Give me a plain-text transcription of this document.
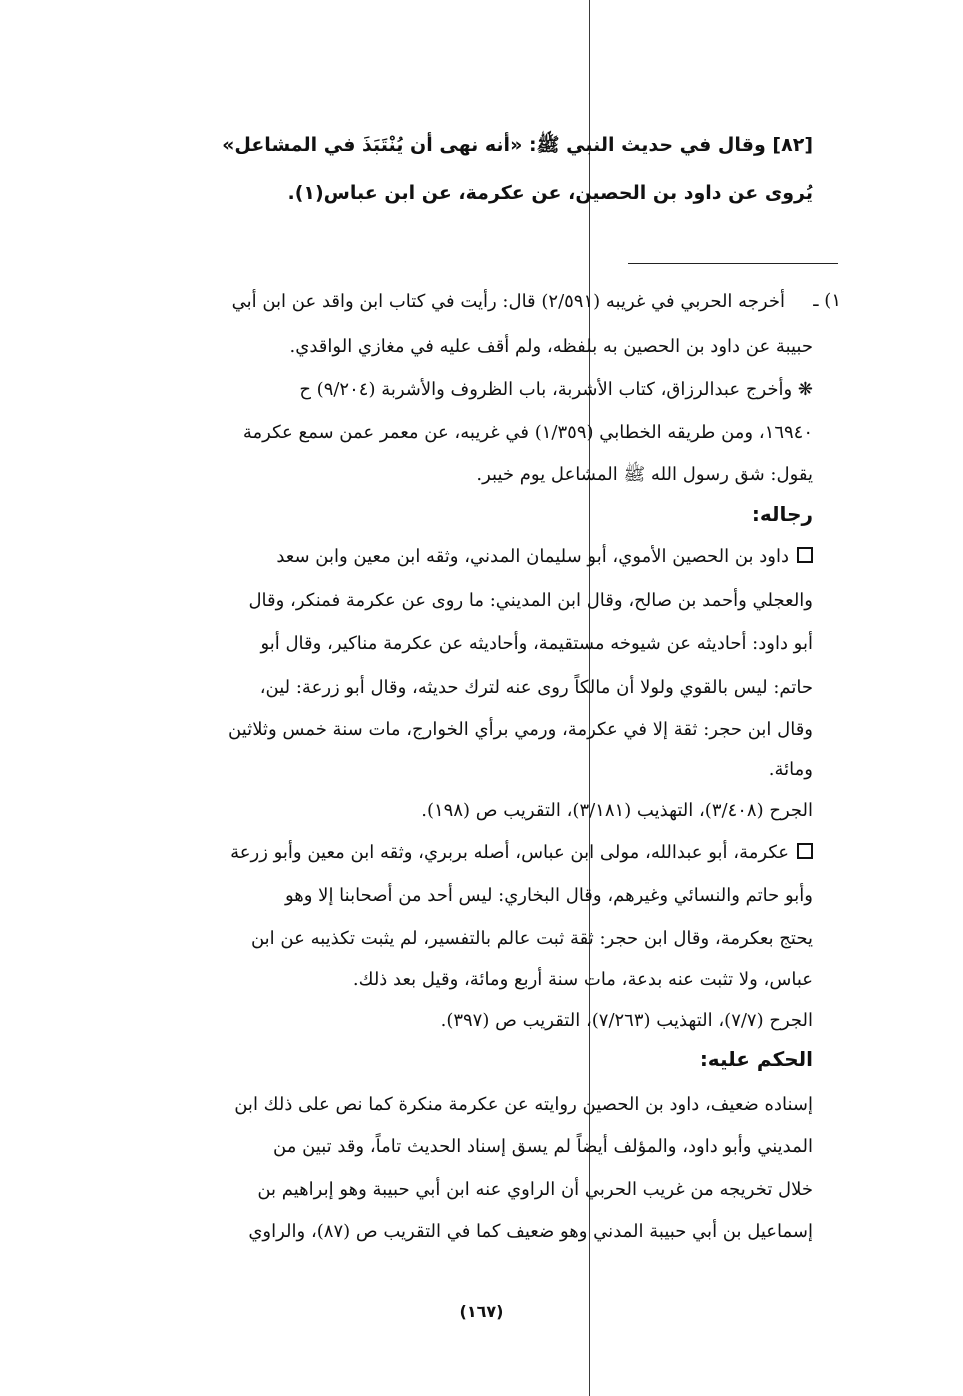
[٨٢] وقال في حديث النبي ﷺ: «أنه نهى أن يُنْتَبَذَ في المشاعل»
يُروى عن داود بن الحصين، عن عكرمة، عن ابن عباس(١).
١) ـ
أخرجه الحربي في غريبه (٢/٥٩١) قال: رأيت في كتاب ابن واقد عن ابن أبي
حبيبة عن داود بن الحصين به بلفظه، ولم أقف عليه في مغازي الواقدي.
❋ وأخرج عبدالرزاق، كتاب الأشربة، باب الظروف والأشربة (٩/٢٠٤) ح
١٦٩٤٠، ومن طريقه الخطابي (١/٣٥٩) في غريبه، عن معمر عمن سمع عكرمة
يقول: شق رسول الله ﷺ المشاعل يوم خيبر.
رجاله:
داود بن الحصين الأموي، أبو سليمان المدني، وثقه ابن معين وابن سعد
والعجلي وأحمد بن صالح، وقال ابن المديني: ما روى عن عكرمة فمنكر، وقال
أبو داود: أحاديثه عن شيوخه مستقيمة، وأحاديثه عن عكرمة مناكير، وقال أبو
حاتم: ليس بالقوي ولولا أن مالكاً روى عنه لترك حديثه، وقال أبو زرعة: لين،
وقال ابن حجر: ثقة إلا في عكرمة، ورمي برأي الخوارج، مات سنة خمس وثلاثين
ومائة.
الجرح (٣/٤٠٨)، التهذيب (٣/١٨١)، التقريب ص (١٩٨).
عكرمة، أبو عبدالله، مولى ابن عباس، أصله بربري، وثقه ابن معين وأبو زرعة
وأبو حاتم والنسائي وغيرهم، وقال البخاري: ليس أحد من أصحابنا إلا وهو
يحتج بعكرمة، وقال ابن حجر: ثقة ثبت عالم بالتفسير، لم يثبت تكذيبه عن ابن
عباس، ولا تثبت عنه بدعة، مات سنة أربع ومائة، وقيل بعد ذلك.
الجرح (٧/٧)، التهذيب (٧/٢٦٣)، التقريب ص (٣٩٧).
الحكم عليه:
إسناده ضعيف، داود بن الحصين روايته عن عكرمة منكرة كما نص على ذلك ابن
المديني وأبو داود، والمؤلف أيضاً لم يسق إسناد الحديث تاماً، وقد تبين من
خلال تخريجه من غريب الحربي أن الراوي عنه ابن أبي حبيبة وهو إبراهيم بن
إسماعيل بن أبي حبيبة المدني وهو ضعيف كما في التقريب ص (٨٧)، والراوي
(١٦٧)
